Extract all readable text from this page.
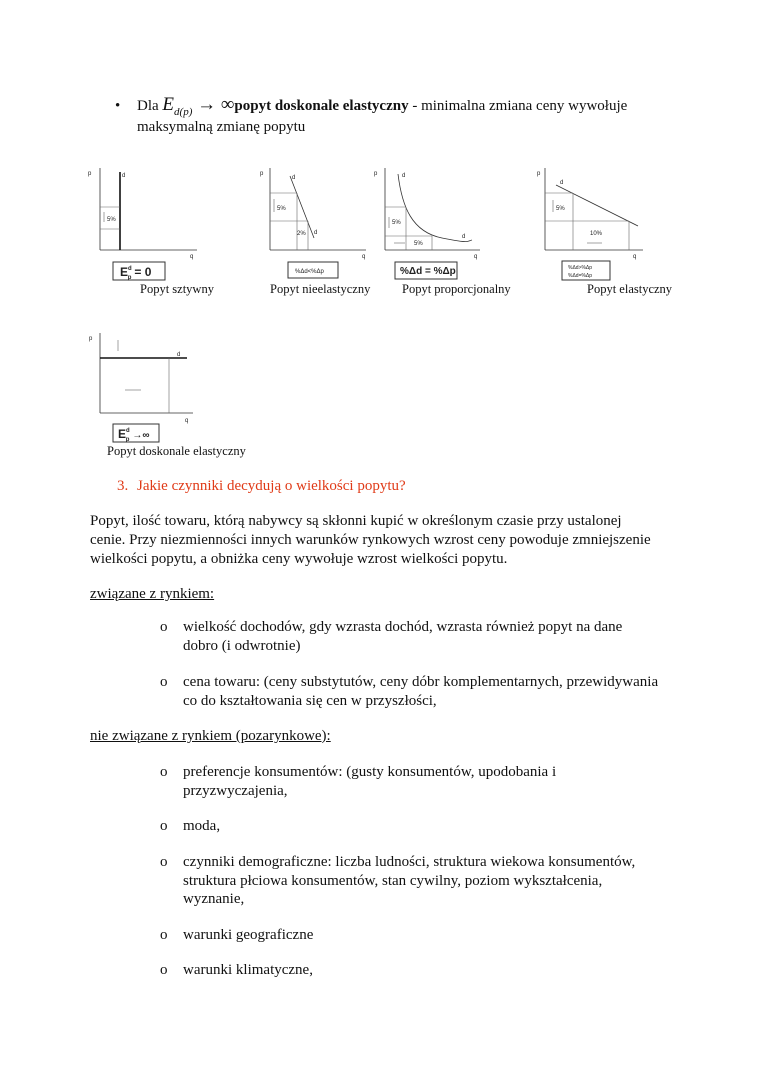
• Dla $E_{d(p)}$ → ∞popyt doskonale elastyczny - minimalna zmiana ceny wywołuje
maksymalną zmianę popytu
p
q
d
5%
$E^d$ p = 0
Popyt sztywny
p
q
d
d
5%
2%
%Δd<%Δp
Popyt nieelastyczny
p
q
d
d
5%
5%
%Δd = %Δp
Popyt proporcjonalny
p
q
d
5%
10%
%Δd>%Δp
%Δd=%Δp
Popyt elastyczny
p
q
d
$E^d$ p →∞
Popyt doskonale elastyczny
3. Jakie czynniki decydują o wielkości popytu?
Popyt, ilość towaru, którą nabywcy są skłonni kupić w określonym czasie przy ustalonej
cenie. Przy niezmienności innych warunków rynkowych wzrost ceny powoduje zmniejszenie
wielkości popytu, a obniżka ceny wywołuje wzrost wielkości popytu.
związane z rynkiem:
o wielkość dochodów, gdy wzrasta dochód, wzrasta również popyt na dane
dobro (i odwrotnie)
o cena towaru: (ceny substytutów, ceny dóbr komplementarnych, przewidywania
co do kształtowania się cen w przyszłości,
nie związane z rynkiem (pozarynkowe):
o preferencje konsumentów: (gusty konsumentów, upodobania i
przyzwyczajenia,
o moda,
o czynniki demograficzne: liczba ludności, struktura wiekowa konsumentów,
struktura płciowa konsumentów, stan cywilny, poziom wykształcenia,
wyznanie,
o warunki geograficzne
o warunki klimatyczne,
